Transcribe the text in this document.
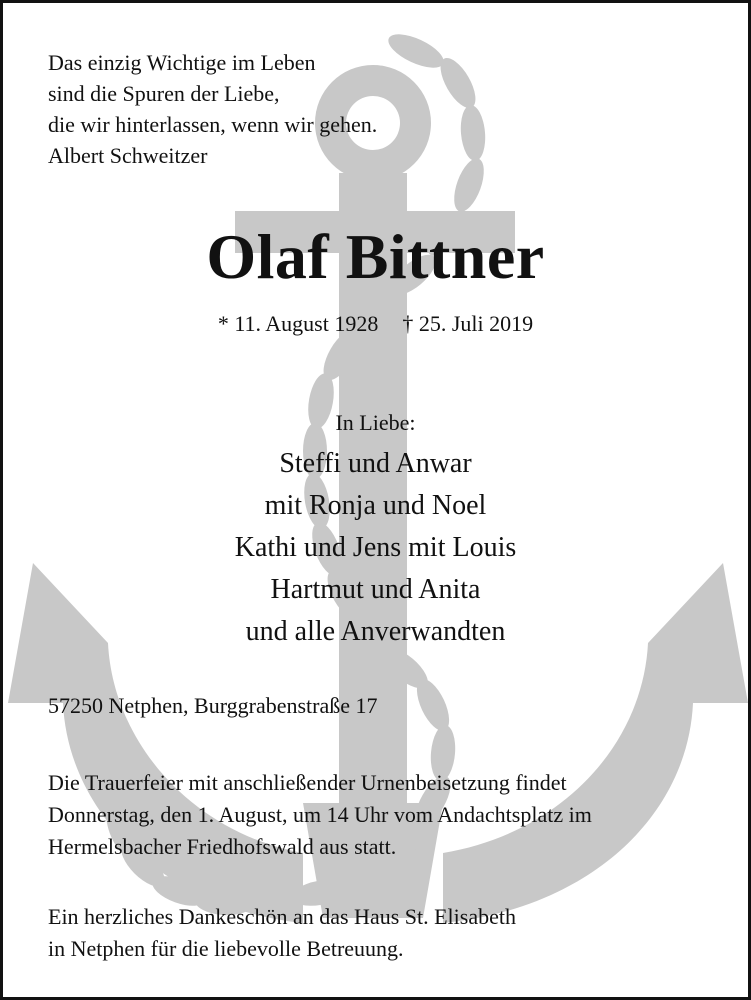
Das einzig Wichtige im Leben
sind die Spuren der Liebe,
die wir hinterlassen, wenn wir gehen.
Albert Schweitzer
Olaf Bittner
* 11. August 1928 † 25. Juli 2019
In Liebe:
Steffi und Anwar
mit Ronja und Noel
Kathi und Jens mit Louis
Hartmut und Anita
und alle Anverwandten
57250 Netphen, Burggrabenstraße 17
Die Trauerfeier mit anschließender Urnenbeisetzung findet
Donnerstag, den 1. August, um 14 Uhr vom Andachtsplatz im
Hermelsbacher Friedhofswald aus statt.
Ein herzliches Dankeschön an das Haus St. Elisabeth
in Netphen für die liebevolle Betreuung.
